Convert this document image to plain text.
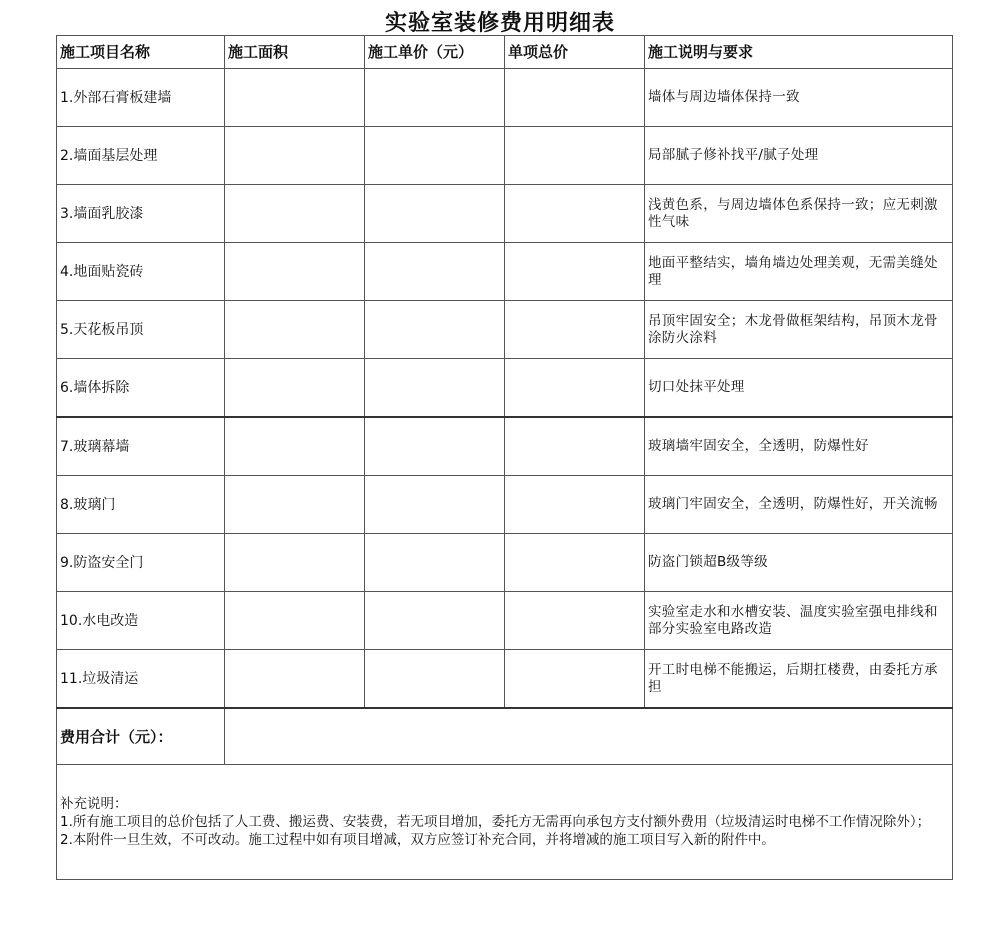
实验室装修费用明细表
施工项目名称	施工面积	施工单价（元）	单项总价	施工说明与要求
1.外部石膏板建墙				墙体与周边墙体保持一致
2.墙面基层处理				局部腻子修补找平/腻子处理
3.墙面乳胶漆				浅黄色系，与周边墙体色系保持一致；应无刺激性气味
4.地面贴瓷砖				地面平整结实，墙角墙边处理美观，无需美缝处理
5.天花板吊顶				吊顶牢固安全；木龙骨做框架结构，吊顶木龙骨涂防火涂料
6.墙体拆除				切口处抹平处理
7.玻璃幕墙				玻璃墙牢固安全，全透明，防爆性好
8.玻璃门				玻璃门牢固安全，全透明，防爆性好，开关流畅
9.防盗安全门				防盗门锁超B级等级
10.水电改造				实验室走水和水槽安装、温度实验室强电排线和部分实验室电路改造
11.垃圾清运				开工时电梯不能搬运，后期扛楼费，由委托方承担
费用合计（元）：				

补充说明：
1.所有施工项目的总价包括了人工费、搬运费、安装费，若无项目增加，委托方无需再向承包方支付额外费用（垃圾清运时电梯不工作情况除外）；
2.本附件一旦生效，不可改动。施工过程中如有项目增减，双方应签订补充合同，并将增减的施工项目写入新的附件中。				
